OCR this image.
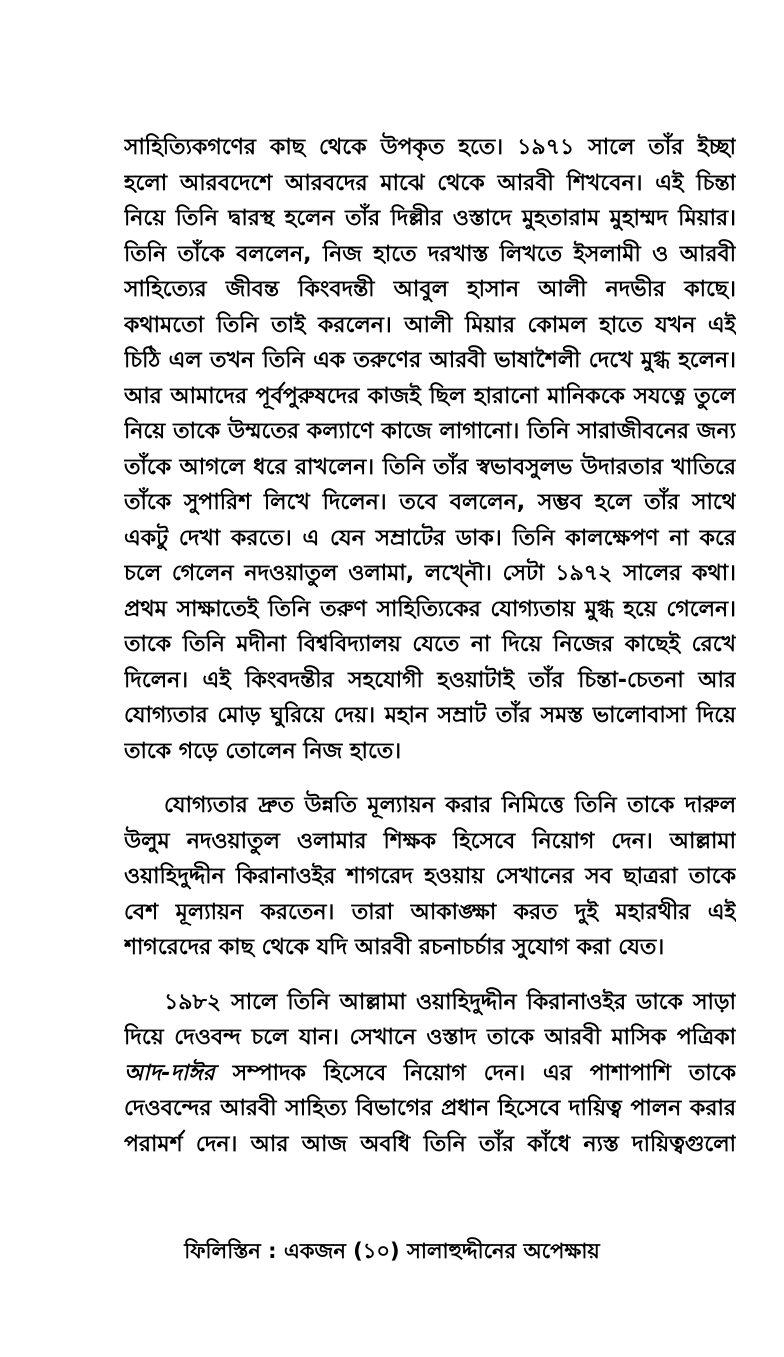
সাহিত্যিকগণের কাছ থেকে উপকৃত হতে। ১৯৭১ সালে তাঁর ইচ্ছা
হলো আরবদেশে আরবদের মাঝে থেকে আরবী শিখবেন। এই চিন্তা
নিয়ে তিনি দ্বারস্থ হলেন তাঁর দিল্লীর ওস্তাদে মুহতারাম মুহাম্মদ মিয়ার।
তিনি তাঁকে বললেন, নিজ হাতে দরখাস্ত লিখতে ইসলামী ও আরবী
সাহিত্যের জীবন্ত কিংবদন্তী আবুল হাসান আলী নদভীর কাছে।
কথামতো তিনি তাই করলেন। আলী মিয়ার কোমল হাতে যখন এই
চিঠি এল তখন তিনি এক তরুণের আরবী ভাষাশৈলী দেখে মুগ্ধ হলেন।
আর আমাদের পূর্বপুরুষদের কাজই ছিল হারানো মানিককে সযত্নে তুলে
নিয়ে তাকে উম্মতের কল্যাণে কাজে লাগানো। তিনি সারাজীবনের জন্য
তাঁকে আগলে ধরে রাখলেন। তিনি তাঁর স্বভাবসুলভ উদারতার খাতিরে
তাঁকে সুপারিশ লিখে দিলেন। তবে বললেন, সম্ভব হলে তাঁর সাথে
একটু দেখা করতে। এ যেন সম্রাটের ডাক। তিনি কালক্ষেপণ না করে
চলে গেলেন নদওয়াতুল ওলামা, লখ্নৌ। সেটা ১৯৭২ সালের কথা।
প্রথম সাক্ষাতেই তিনি তরুণ সাহিত্যিকের যোগ্যতায় মুগ্ধ হয়ে গেলেন।
তাকে তিনি মদীনা বিশ্ববিদ্যালয় যেতে না দিয়ে নিজের কাছেই রেখে
দিলেন। এই কিংবদন্তীর সহযোগী হওয়াটাই তাঁর চিন্তা-চেতনা আর
যোগ্যতার মোড় ঘুরিয়ে দেয়। মহান সম্রাট তাঁর সমস্ত ভালোবাসা দিয়ে
তাকে গড়ে তোলেন নিজ হাতে।
যোগ্যতার দ্রুত উন্নতি মূল্যায়ন করার নিমিত্তে তিনি তাকে দারুল
উলুম নদওয়াতুল ওলামার শিক্ষক হিসেবে নিয়োগ দেন। আল্লামা
ওয়াহিদুদ্দীন কিরানাওইর শাগরেদ হওয়ায় সেখানের সব ছাত্ররা তাকে
বেশ মূল্যায়ন করতেন। তারা আকাঙ্ক্ষা করত দুই মহারথীর এই
শাগরেদের কাছ থেকে যদি আরবী রচনাচর্চার সুযোগ করা যেত।
১৯৮২ সালে তিনি আল্লামা ওয়াহিদুদ্দীন কিরানাওইর ডাকে সাড়া
দিয়ে দেওবন্দ চলে যান। সেখানে ওস্তাদ তাকে আরবী মাসিক পত্রিকা
আদ-দাঈর সম্পাদক হিসেবে নিয়োগ দেন। এর পাশাপাশি তাকে
দেওবন্দের আরবী সাহিত্য বিভাগের প্রধান হিসেবে দায়িত্ব পালন করার
পরামর্শ দেন। আর আজ অবধি তিনি তাঁর কাঁধে ন্যস্ত দায়িত্বগুলো
ফিলিস্তিন : একজন (১০) সালাহুদ্দীনের অপেক্ষায়
